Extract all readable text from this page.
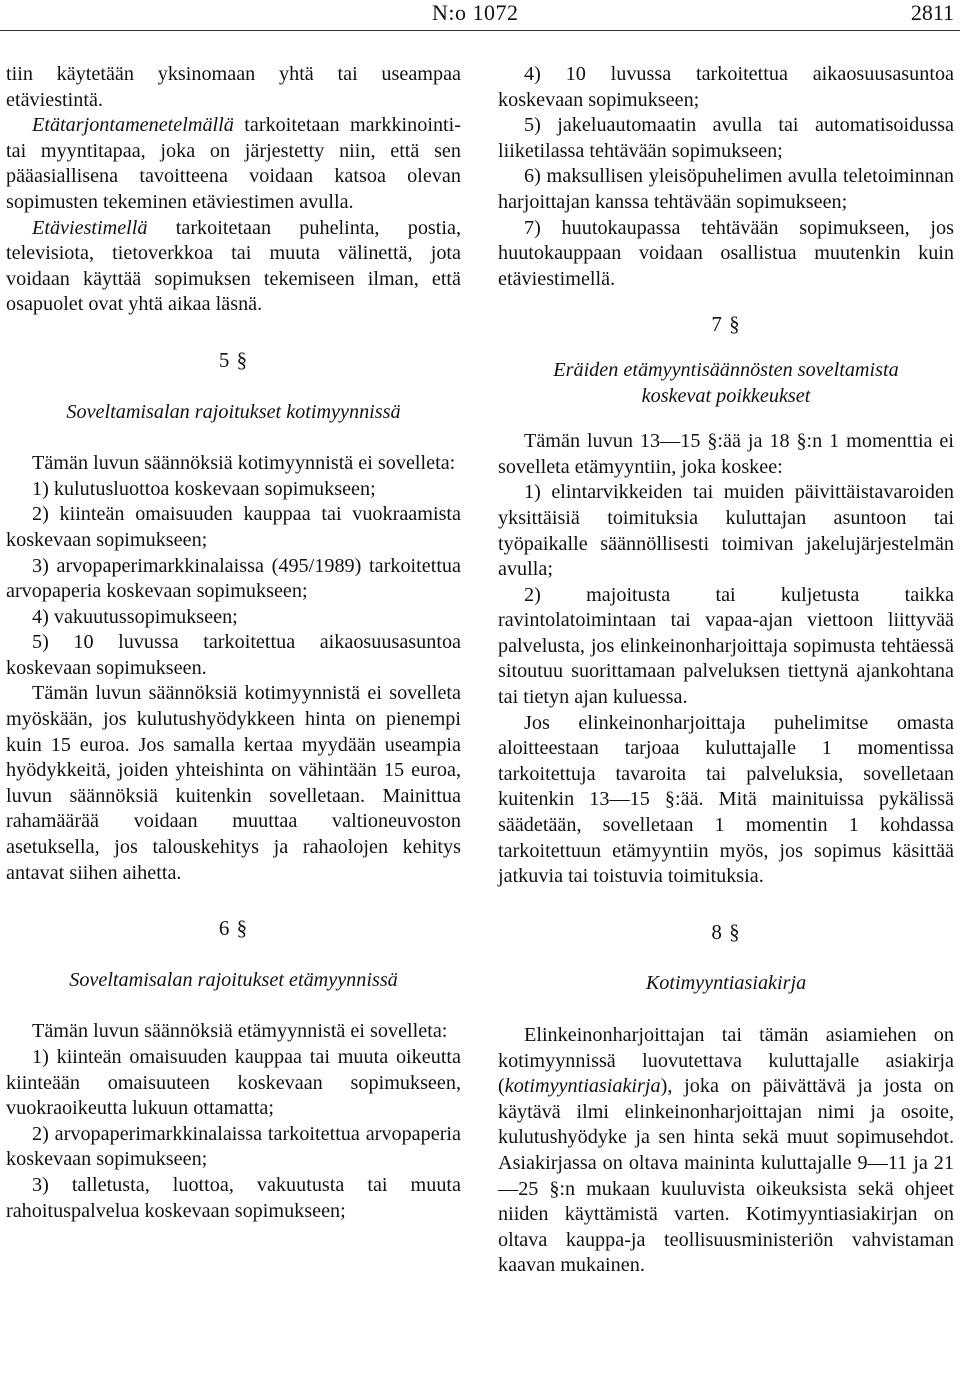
N:o 1072	2811

tiin käytetään yksinomaan yhtä tai useampaa etäviestintä.

Etätarjontamenetelmällä tarkoitetaan markkinointi- tai myyntitapaa, joka on järjestetty niin, että sen pääasiallisena tavoitteena voidaan katsoa olevan sopimusten tekeminen etäviestimen avulla.

Etäviestimellä tarkoitetaan puhelinta, postia, televisiota, tietoverkkoa tai muuta välinettä, jota voidaan käyttää sopimuksen tekemiseen ilman, että osapuolet ovat yhtä aikaa läsnä.

5 §
Soveltamisalan rajoitukset kotimyynnissä

Tämän luvun säännöksiä kotimyynnistä ei sovelleta:

1) kulutusluottoa koskevaan sopimukseen;

2) kiinteän omaisuuden kauppaa tai vuokraamista koskevaan sopimukseen;

3) arvopaperimarkkinalaissa (495/1989) tarkoitettua arvopaperia koskevaan sopimukseen;

4) vakuutussopimukseen;

5) 10 luvussa tarkoitettua aikaosuusasuntoa koskevaan sopimukseen.

Tämän luvun säännöksiä kotimyynnistä ei sovelleta myöskään, jos kulutushyödykkeen hinta on pienempi kuin 15 euroa. Jos samalla kertaa myydään useampia hyödykkeitä, joiden yhteishinta on vähintään 15 euroa, luvun säännöksiä kuitenkin sovelletaan. Mainittua rahamäärää voidaan muuttaa valtioneuvoston asetuksella, jos talouskehitys ja rahaolojen kehitys antavat siihen aihetta.

6 §
Soveltamisalan rajoitukset etämyynnissä

Tämän luvun säännöksiä etämyynnistä ei sovelleta:

1) kiinteän omaisuuden kauppaa tai muuta oikeutta kiinteään omaisuuteen koskevaan sopimukseen, vuokraoikeutta lukuun ottamatta;

2) arvopaperimarkkinalaissa tarkoitettua arvopaperia koskevaan sopimukseen;

3) talletusta, luottoa, vakuutusta tai muuta rahoituspalvelua koskevaan sopimukseen;

4) 10 luvussa tarkoitettua aikaosuusasuntoa koskevaan sopimukseen;

5) jakeluautomaatin avulla tai automatisoidussa liiketilassa tehtävään sopimukseen;

6) maksullisen yleisöpuhelimen avulla teletoiminnan harjoittajan kanssa tehtävään sopimukseen;

7) huutokaupassa tehtävään sopimukseen, jos huutokauppaan voidaan osallistua muutenkin kuin etäviestimellä.

7 §
Eräiden etämyyntisäännösten soveltamista
koskevat poikkeukset

Tämän luvun 13—15 §:ää ja 18 §:n 1 momenttia ei sovelleta etämyyntiin, joka koskee:

1) elintarvikkeiden tai muiden päivittäistavaroiden yksittäisiä toimituksia kuluttajan asuntoon tai työpaikalle säännöllisesti toimivan jakelujärjestelmän avulla;

2) majoitusta tai kuljetusta taikka ravintolatoimintaan tai vapaa-ajan viettoon liittyvää palvelusta, jos elinkeinonharjoittaja sopimusta tehtäessä sitoutuu suorittamaan palveluksen tiettynä ajankohtana tai tietyn ajan kuluessa.

Jos elinkeinonharjoittaja puhelimitse omasta aloitteestaan tarjoaa kuluttajalle 1 momentissa tarkoitettuja tavaroita tai palveluksia, sovelletaan kuitenkin 13—15 §:ää. Mitä mainituissa pykälissä säädetään, sovelletaan 1 momentin 1 kohdassa tarkoitettuun etämyyntiin myös, jos sopimus käsittää jatkuvia tai toistuvia toimituksia.

8 §
Kotimyyntiasiakirja

Elinkeinonharjoittajan tai tämän asiamiehen on kotimyynnissä luovutettava kuluttajalle asiakirja (kotimyyntiasiakirja), joka on päivättävä ja josta on käytävä ilmi elinkeinonharjoittajan nimi ja osoite, kulutushyödyke ja sen hinta sekä muut sopimusehdot. Asiakirjassa on oltava maininta kuluttajalle 9—11 ja 21—25 §:n mukaan kuuluvista oikeuksista sekä ohjeet niiden käyttämistä varten. Kotimyyntiasiakirjan on oltava kauppa-ja teollisuusministeriön vahvistaman kaavan mukainen.
